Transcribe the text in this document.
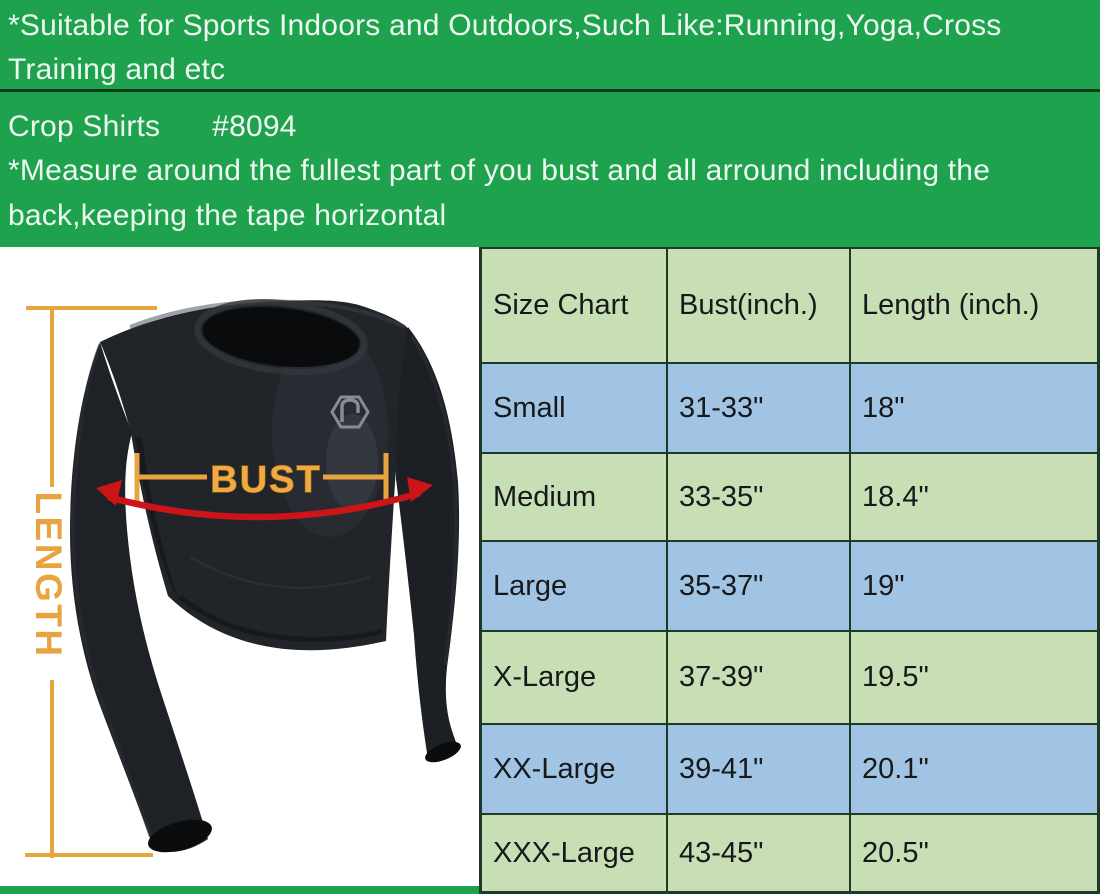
*Suitable for Sports Indoors and Outdoors,Such Like:Running,Yoga,Cross
Training and etc
Crop Shirts #8094
*Measure around the fullest part of you bust and all arround including the
back,keeping the tape horizontal
LENGTH
BUST
Size Chart	Bust(inch.)	Length (inch.)
Small	31-33"	18"
Medium	33-35"	18.4"
Large	35-37"	19"
X-Large	37-39"	19.5"
XX-Large	39-41"	20.1"
XXX-Large	43-45"	20.5"
